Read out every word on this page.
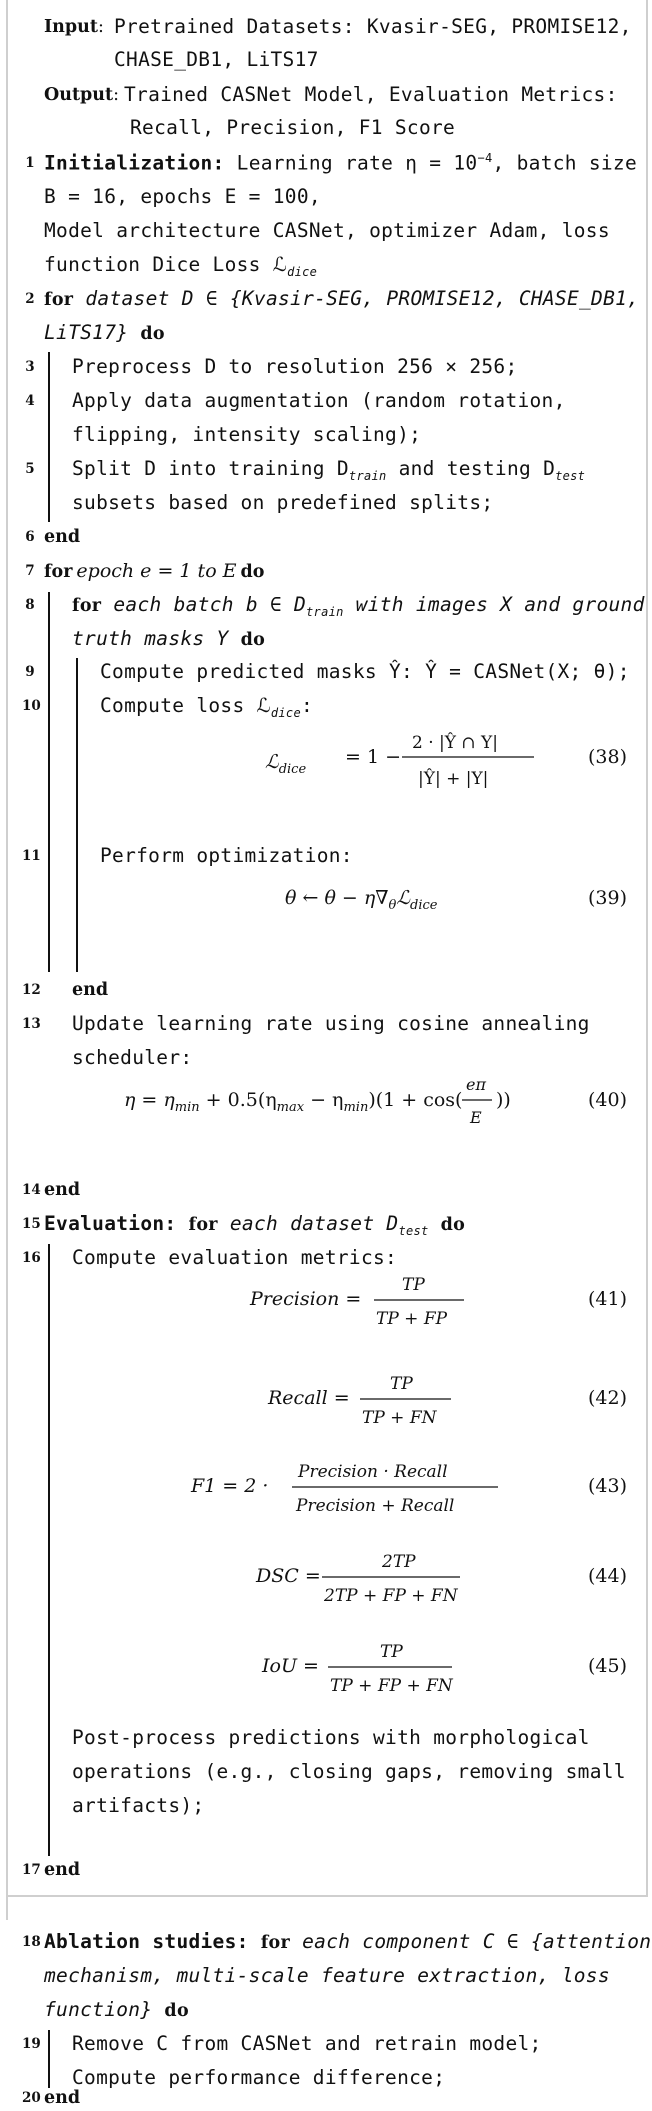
Input: Pretrained Datasets: Kvasir-SEG, PROMISE12,
CHASE_DB1, LiTS17
Output: Trained CASNet Model, Evaluation Metrics:
Recall, Precision, F1 Score
1
2
3
4
5
6
7
8
9
10
11
12
13
14
15
16
17
18
19
Initialization: Learning rate $\eta = 10^{-4}$, batch size
B = 16, epochs E = 100,
Model architecture CASNet, optimizer Adam, loss
function Dice Loss ℒ$_{dice}$
for dataset D ∈ {Kvasir-SEG, PROMISE12, CHASE_DB1,
LiTS17} do
Preprocess D to resolution 256 × 256;
Apply data augmentation (random rotation,
flipping, intensity scaling);
Split D into training $D_{train}$ and testing $D_{test}$
subsets based on predefined splits;
end
for epoch e = 1 to E do
for each batch b ∈ $D_{train}$ with images X and ground
truth masks Y do
Compute predicted masks Ŷ: Ŷ = CASNet(X; θ);
Compute loss ℒ$_{dice}$:
ℒ$_{dice}$
= 1 −
2 · |Ŷ ∩ Y|
|Ŷ| + |Y|
(38)
θ ← $\theta - \eta\nabla_\theta ℒ_{dice}$	(39)
$\eta = \eta_{min} + 0.5(\eta_{max} - \eta_{min})(1 + \cos$(
eπ
E
))	(40)
Precision =
TP
TP + FP
(41)
Recall =
TP
TP + FN
(42)
F1 = 2 ·
Precision · Recall
Precision + Recall
(43)
DSC =
2TP
2TP + FP + FN
(44)
IoU =
TP
TP + FP + FN
(45)
Perform optimization:
end
Update learning rate using cosine annealing
scheduler:
end
Evaluation: for each dataset $D_{test}$ do
Compute evaluation metrics:
Post-process predictions with morphological
operations (e.g., closing gaps, removing small
artifacts);
end
Ablation studies: for each component C ∈ {attention
mechanism, multi-scale feature extraction, loss
function} do
Remove C from CASNet and retrain model;
Compute performance difference;
20 end
